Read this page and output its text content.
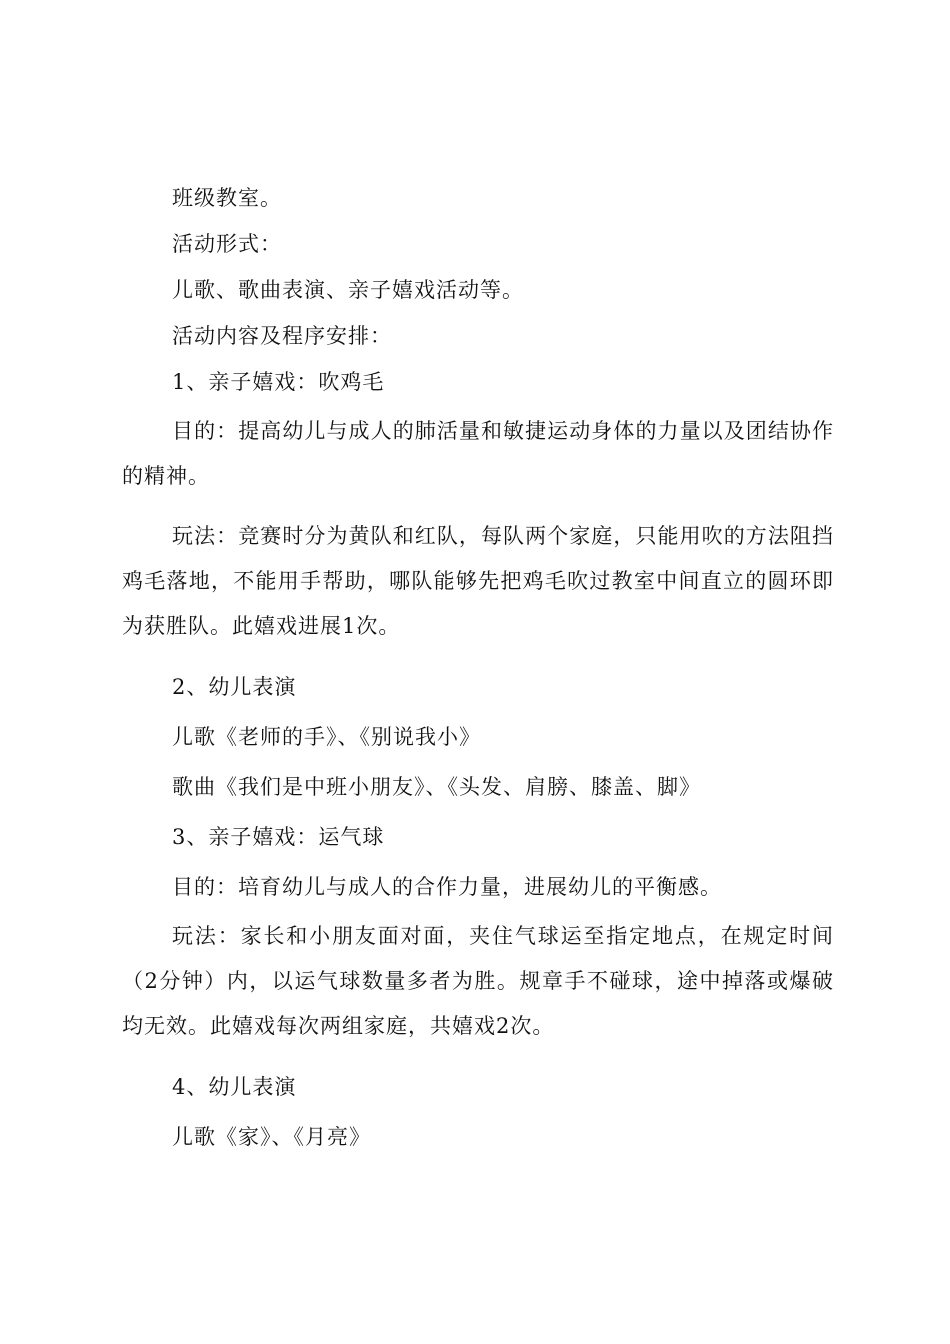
班级教室。

活动形式：

儿歌、歌曲表演、亲子嬉戏活动等。

活动内容及程序安排：

1、亲子嬉戏：吹鸡毛

目的：提高幼儿与成人的肺活量和敏捷运动身体的力量以及团结协作的精神。

玩法：竞赛时分为黄队和红队，每队两个家庭，只能用吹的方法阻挡鸡毛落地，不能用手帮助，哪队能够先把鸡毛吹过教室中间直立的圆环即为获胜队。此嬉戏进展1次。

2、幼儿表演

儿歌《老师的手》、《别说我小》

歌曲《我们是中班小朋友》、《头发、肩膀、膝盖、脚》

3、亲子嬉戏：运气球

目的：培育幼儿与成人的合作力量，进展幼儿的平衡感。

玩法：家长和小朋友面对面，夹住气球运至指定地点，在规定时间（2分钟）内，以运气球数量多者为胜。规章手不碰球，途中掉落或爆破均无效。此嬉戏每次两组家庭，共嬉戏2次。

4、幼儿表演

儿歌《家》、《月亮》
